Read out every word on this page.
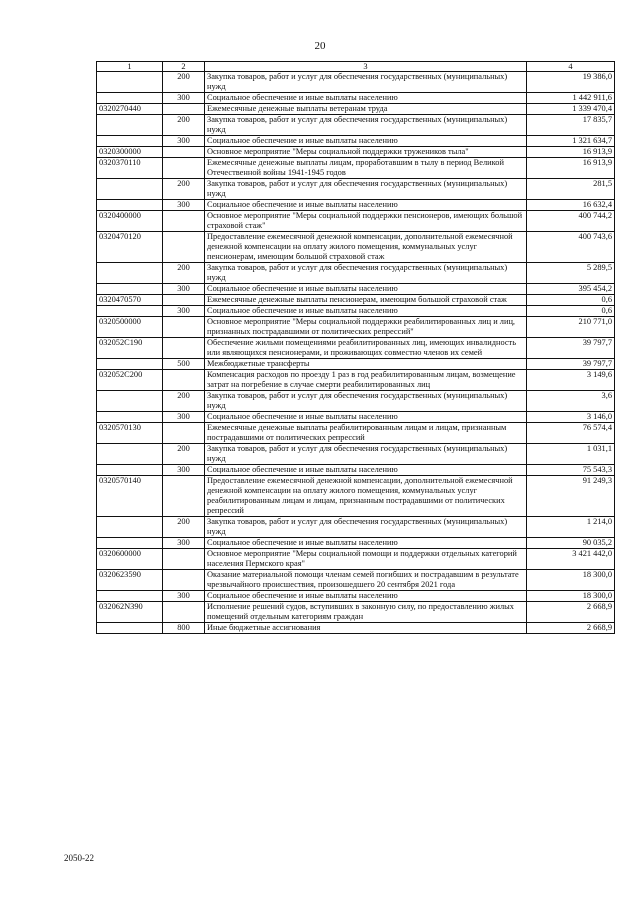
20
1	2	3	4
	200	Закупка товаров, работ и услуг для обеспечения государственных (муниципальных) нужд	19 386,0
	300	Социальное обеспечение и иные выплаты населению	1 442 911,6
0320270440		Ежемесячные денежные выплаты ветеранам труда	1 339 470,4
	200	Закупка товаров, работ и услуг для обеспечения государственных (муниципальных) нужд	17 835,7
	300	Социальное обеспечение и иные выплаты населению	1 321 634,7
0320300000		Основное мероприятие "Меры социальной поддержки тружеников тыла"	16 913,9
0320370110		Ежемесячные денежные выплаты лицам, проработавшим в тылу в период Великой Отечественной войны 1941-1945 годов	16 913,9
	200	Закупка товаров, работ и услуг для обеспечения государственных (муниципальных) нужд	281,5
	300	Социальное обеспечение и иные выплаты населению	16 632,4
0320400000		Основное мероприятие "Меры социальной поддержки пенсионеров, имеющих большой страховой стаж"	400 744,2
0320470120		Предоставление ежемесячной денежной компенсации, дополнительной ежемесячной денежной компенсации на оплату жилого помещения, коммунальных услуг пенсионерам, имеющим большой страховой стаж	400 743,6
	200	Закупка товаров, работ и услуг для обеспечения государственных (муниципальных) нужд	5 289,5
	300	Социальное обеспечение и иные выплаты населению	395 454,2
0320470570		Ежемесячные денежные выплаты пенсионерам, имеющим большой страховой стаж	0,6
	300	Социальное обеспечение и иные выплаты населению	0,6
0320500000		Основное мероприятие "Меры социальной поддержки реабилитированных лиц и лиц, признанных пострадавшими от политических репрессий"	210 771,0
032052С190		Обеспечение жильми помещениями реабилитированных лиц, имеющих инвалидность или являющихся пенсионерами, и проживающих совместно членов их семей	39 797,7
	500	Межбюджетные трансферты	39 797,7
032052С200		Компенсация расходов по проезду 1 раз в год реабилитированным лицам, возмещение затрат на погребение в случае смерти реабилитированных лиц	3 149,6
	200	Закупка товаров, работ и услуг для обеспечения государственных (муниципальных) нужд	3,6
	300	Социальное обеспечение и иные выплаты населению	3 146,0
0320570130		Ежемесячные денежные выплаты реабилитированным лицам и лицам, признанным пострадавшими от политических репрессий	76 574,4
	200	Закупка товаров, работ и услуг для обеспечения государственных (муниципальных) нужд	1 031,1
	300	Социальное обеспечение и иные выплаты населению	75 543,3
0320570140		Предоставление ежемесячной денежной компенсации, дополнительной ежемесячной денежной компенсации на оплату жилого помещения, коммунальных услуг реабилитированным лицам и лицам, признанным пострадавшими от политических репрессий	91 249,3
	200	Закупка товаров, работ и услуг для обеспечения государственных (муниципальных) нужд	1 214,0
	300	Социальное обеспечение и иные выплаты населению	90 035,2
0320600000		Основное мероприятие "Меры социальной помощи и поддержки отдельных категорий населения Пермского края"	3 421 442,0
0320623590		Оказание материальной помощи членам семей погибших и пострадавшим в результате чрезвычайного происшествия, произошедшего 20 сентября 2021 года	18 300,0
	300	Социальное обеспечение и иные выплаты населению	18 300,0
032062N390		Исполнение решений судов, вступивших в законную силу, по предоставлению жилых помещений отдельным категориям граждан	2 668,9
	800	Иные бюджетные ассигнования	2 668,9
2050-22
